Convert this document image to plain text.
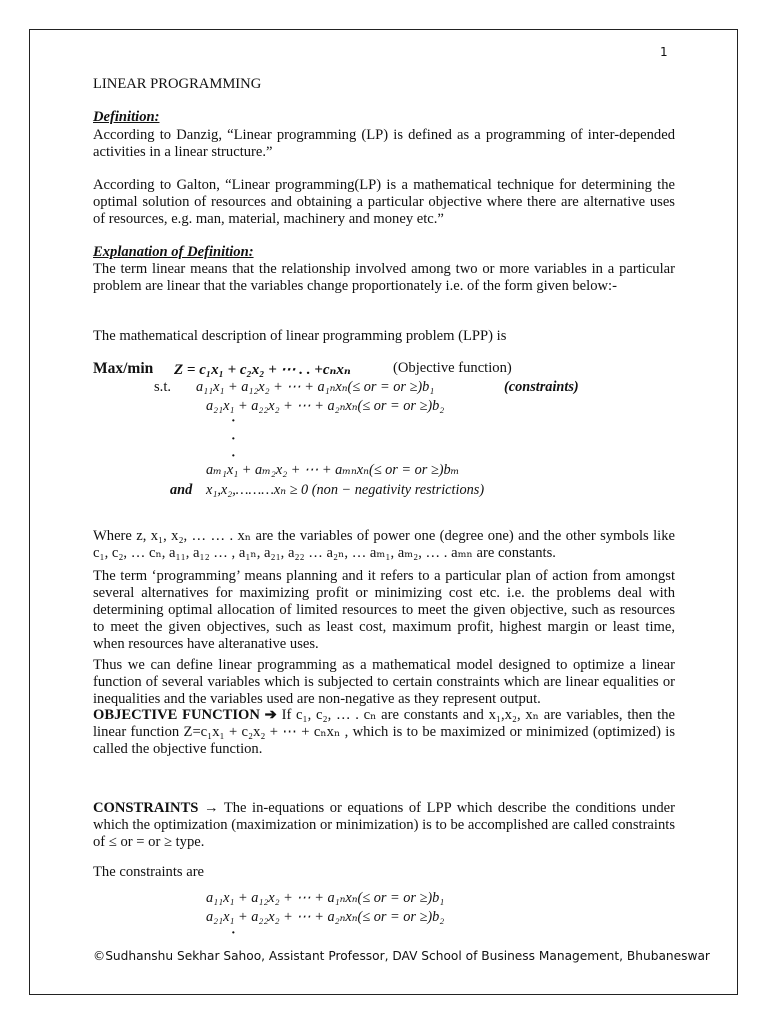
1
LINEAR PROGRAMMING
Definition:
According to Danzig, “Linear programming (LP) is defined as a programming of inter-depended activities in a linear structure.”
According to Galton, “Linear programming(LP) is a mathematical technique for determining the optimal solution of resources and obtaining a particular objective where there are alternative uses of resources, e.g. man, material, machinery and money etc.”
Explanation of Definition:
The term linear means that the relationship involved among two or more variables in a particular problem are linear that the variables change proportionately i.e. of the form given below:-
The mathematical description of linear programming problem (LPP) is
Max/min Z = c₁x₁ + c₂x₂ + ⋯ . . +cₙxₙ	(Objective function)
s.t. a₁₁x₁ + a₁₂x₂ + ⋯ + a₁ₙxₙ(≤ or = or ≥)b₁	(constraints)
a₂₁x₁ + a₂₂x₂ + ⋯ + a₂ₙxₙ(≤ or = or ≥)b₂
·
·
·
aₘ₁x₁ + aₘ₂x₂ + ⋯ + aₘₙxₙ(≤ or = or ≥)bₘ
and x₁,x₂,………xₙ ≥ 0 (non − negativity restrictions)
Where z, x₁, x₂, … … . xₙ are the variables of power one (degree one) and the other symbols like c₁, c₂, … cₙ, a₁₁, a₁₂ … , a₁ₙ, a₂₁, a₂₂ … a₂ₙ, … aₘ₁, aₘ₂, … . aₘₙ are constants.
The term ‘programming’ means planning and it refers to a particular plan of action from amongst several alternatives for maximizing profit or minimizing cost etc. i.e. the problems deal with determining optimal allocation of limited resources to meet the given objective, such as resources to meet the given objectives, such as least cost, maximum profit, highest margin or least time, when resources have alteranative uses.
Thus we can define linear programming as a mathematical model designed to optimize a linear function of several variables which is subjected to certain constraints which are linear equalities or inequalities and the variables used are non-negative as they represent output.
OBJECTIVE FUNCTION ➔ If c₁, c₂, … . cₙ are constants and x₁,x₂, xₙ are variables, then the linear function Z=c₁x₁ + c₂x₂ + ⋯ + cₙxₙ , which is to be maximized or minimized (optimized) is called the objective function.
CONSTRAINTS → The in-equations or equations of LPP which describe the conditions under which the optimization (maximization or minimization) is to be accomplished are called constraints of ≤ or = or ≥ type.
The constraints are
a₁₁x₁ + a₁₂x₂ + ⋯ + a₁ₙxₙ(≤ or = or ≥)b₁
a₂₁x₁ + a₂₂x₂ + ⋯ + a₂ₙxₙ(≤ or = or ≥)b₂
·
©Sudhanshu Sekhar Sahoo, Assistant Professor, DAV School of Business Management, Bhubaneswar
